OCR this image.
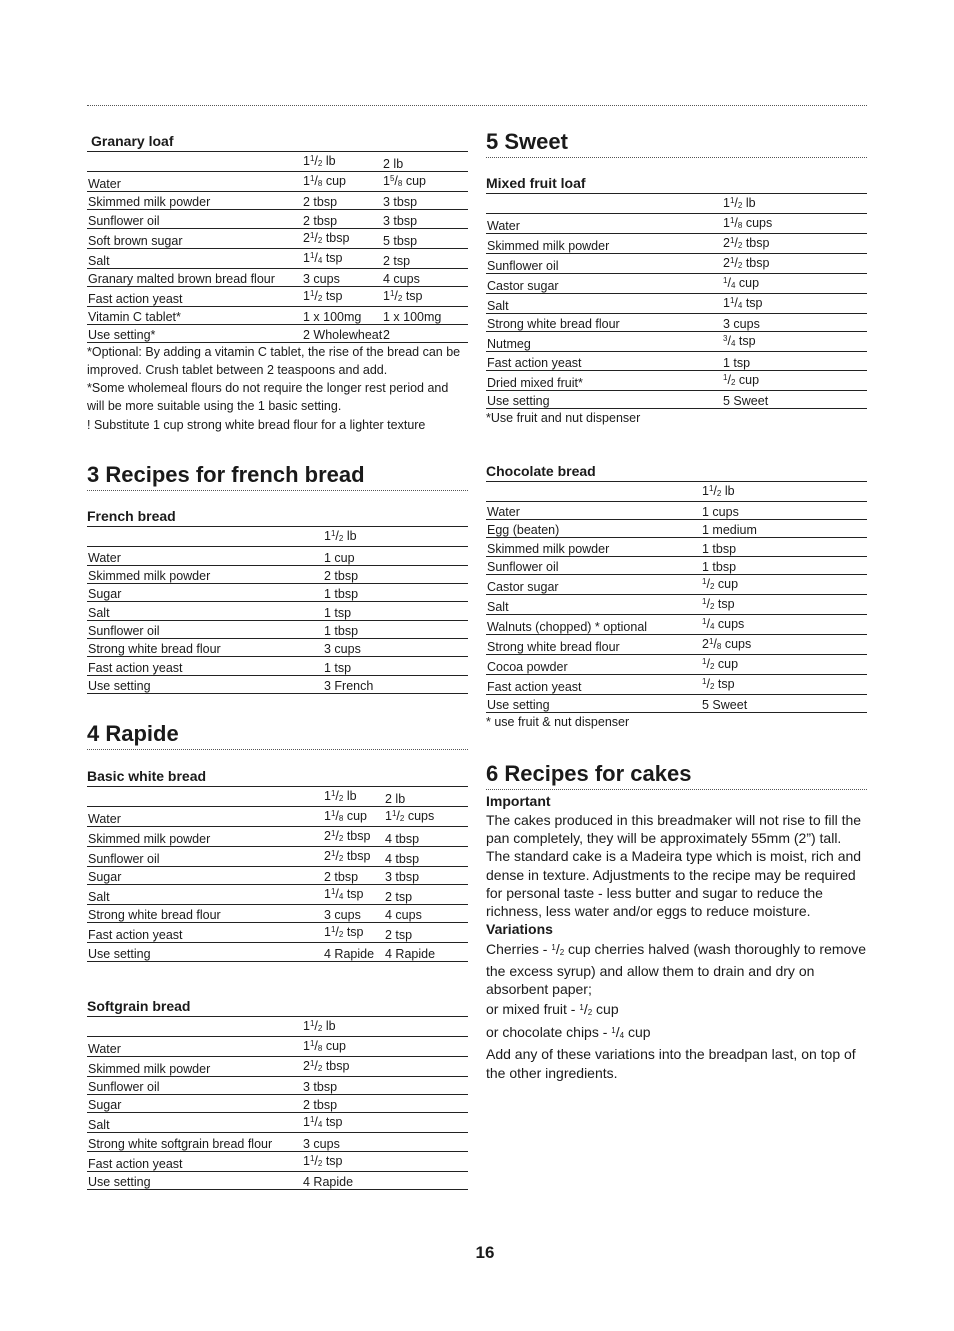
Granary loaf
	$1^1/_2$ lb	2 lb
Water	$1^1/_8$ cup	$1^5/_8$ cup
Skimmed milk powder	2 tbsp	3 tbsp
Sunflower oil	2 tbsp	3 tbsp
Soft brown sugar	$2^1/_2$ tbsp	5 tbsp
Salt	$1^1/_4$ tsp	2 tsp
Granary malted brown bread flour	3 cups	4 cups
Fast action yeast	$1^1/_2$ tsp	$1^1/_2$ tsp
Vitamin C tablet*	1 x 100mg	1 x 100mg
Use setting*	2 Wholewheat	2
*Optional: By adding a vitamin C tablet, the rise of the bread can be improved. Crush tablet between 2 teaspoons and add.
*Some wholemeal flours do not require the longer rest period and will be more suitable using the 1 basic setting.
! Substitute 1 cup strong white bread flour for a lighter texture
3 Recipes for french bread
French bread
	$1^1/_2$ lb
Water	1 cup
Skimmed milk powder	2 tbsp
Sugar	1 tbsp
Salt	1 tsp
Sunflower oil	1 tbsp
Strong white bread flour	3 cups
Fast action yeast	1 tsp
Use setting	3 French
4 Rapide
Basic white bread
	$1^1/_2$ lb	2 lb
Water	$1^1/_8$ cup	$1^1/_2$ cups
Skimmed milk powder	$2^1/_2$ tbsp	4 tbsp
Sunflower oil	$2^1/_2$ tbsp	4 tbsp
Sugar	2 tbsp	3 tbsp
Salt	$1^1/_4$ tsp	2 tsp
Strong white bread flour	3 cups	4 cups
Fast action yeast	$1^1/_2$ tsp	2 tsp
Use setting	4 Rapide	4 Rapide
Softgrain bread
	$1^1/_2$ lb
Water	$1^1/_8$ cup
Skimmed milk powder	$2^1/_2$ tbsp
Sunflower oil	3 tbsp
Sugar	2 tbsp
Salt	$1^1/_4$ tsp
Strong white softgrain bread flour	3 cups
Fast action yeast	$1^1/_2$ tsp
Use setting	4 Rapide
5 Sweet
Mixed fruit loaf
	$1^1/_2$ lb
Water	$1^1/_8$ cups
Skimmed milk powder	$2^1/_2$ tbsp
Sunflower oil	$2^1/_2$ tbsp
Castor sugar	$^1/_4$ cup
Salt	$1^1/_4$ tsp
Strong white bread flour	3 cups
Nutmeg	$^3/_4$ tsp
Fast action yeast	1 tsp
Dried mixed fruit*	$^1/_2$ cup
Use setting	5 Sweet
*Use fruit and nut dispenser
Chocolate bread
	$1^1/_2$ lb
Water	1 cups
Egg (beaten)	1 medium
Skimmed milk powder	1 tbsp
Sunflower oil	1 tbsp
Castor sugar	$^1/_2$ cup
Salt	$^1/_2$ tsp
Walnuts (chopped) * optional	$^1/_4$ cups
Strong white bread flour	$2^1/_8$ cups
Cocoa powder	$^1/_2$ cup
Fast action yeast	$^1/_2$ tsp
Use setting	5 Sweet
* use fruit & nut dispenser
6 Recipes for cakes
Important
The cakes produced in this breadmaker will not rise to fill the pan completely, they will be approximately 55mm (2”) tall. The standard cake is a Madeira type which is moist, rich and dense in texture. Adjustments to the recipe may be required for personal taste - less butter and sugar to reduce the richness, less water and/or eggs to reduce moisture.
Variations
Cherries - $^1/_2$ cup cherries halved (wash thoroughly to remove the excess syrup) and allow them to drain and dry on absorbent paper;
or mixed fruit - $^1/_2$ cup
or chocolate chips - $^1/_4$ cup
Add any of these variations into the breadpan last, on top of the other ingredients.
16
